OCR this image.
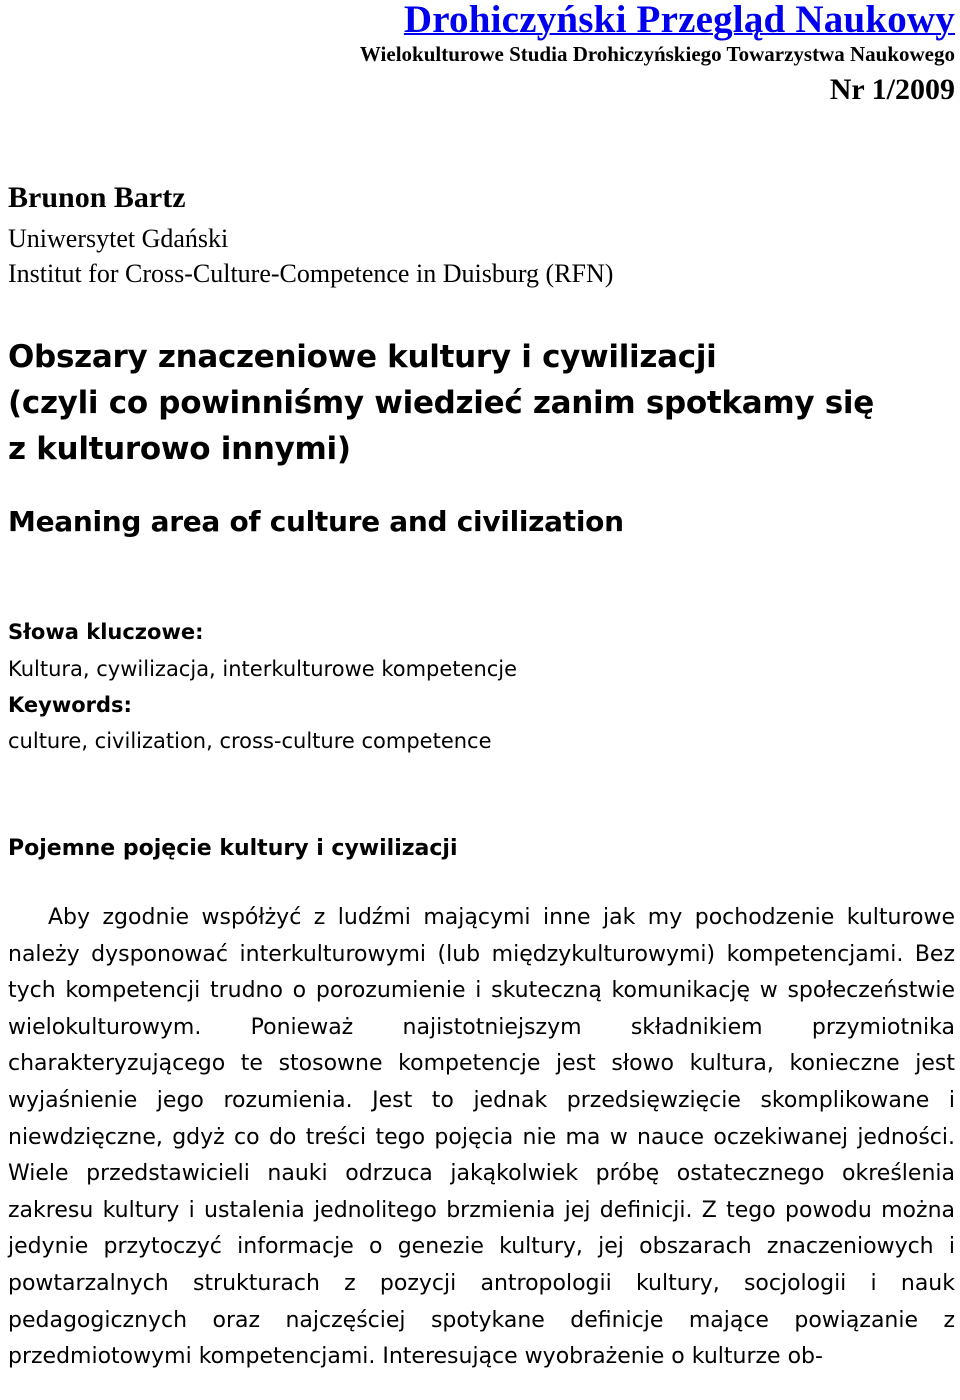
Drohiczyński Przegląd Naukowy
Wielokulturowe Studia Drohiczyńskiego Towarzystwa Naukowego
Nr 1/2009
Brunon Bartz
Uniwersytet Gdański
Institut for Cross-Culture-Competence in Duisburg (RFN)
Obszary znaczeniowe kultury i cywilizacji
(czyli co powinniśmy wiedzieć zanim spotkamy się
z kulturowo innymi)
Meaning area of culture and civilization
Słowa kluczowe:
Kultura, cywilizacja, interkulturowe kompetencje
Keywords:
culture, civilization, cross-culture competence
Pojemne pojęcie kultury i cywilizacji

Aby zgodnie współżyć z ludźmi mającymi inne jak my pochodzenie kulturowe należy dysponować interkulturowymi (lub międzykulturowymi) kompetencjami. Bez tych kompetencji trudno o porozumienie i skuteczną komunikację w społeczeństwie wielokulturowym. Ponieważ najistotniejszym składnikiem przymiotnika charakteryzującego te stosowne kompetencje jest słowo kultura, konieczne jest wyjaśnienie jego rozumienia. Jest to jednak przedsięwzięcie skomplikowane i niewdzięczne, gdyż co do treści tego pojęcia nie ma w nauce oczekiwanej jedności. Wiele przedstawicieli nauki odrzuca jakąkolwiek próbę ostatecznego określenia zakresu kultury i ustalenia jednolitego brzmienia jej definicji. Z tego powodu można jedynie przytoczyć informacje o genezie kultury, jej obszarach znaczeniowych i powtarzalnych strukturach z pozycji antropologii kultury, socjologii i nauk pedagogicznych oraz najczęściej spotykane definicje mające powiązanie z przedmiotowymi kompetencjami. Interesujące wyobrażenie o kulturze ob-
